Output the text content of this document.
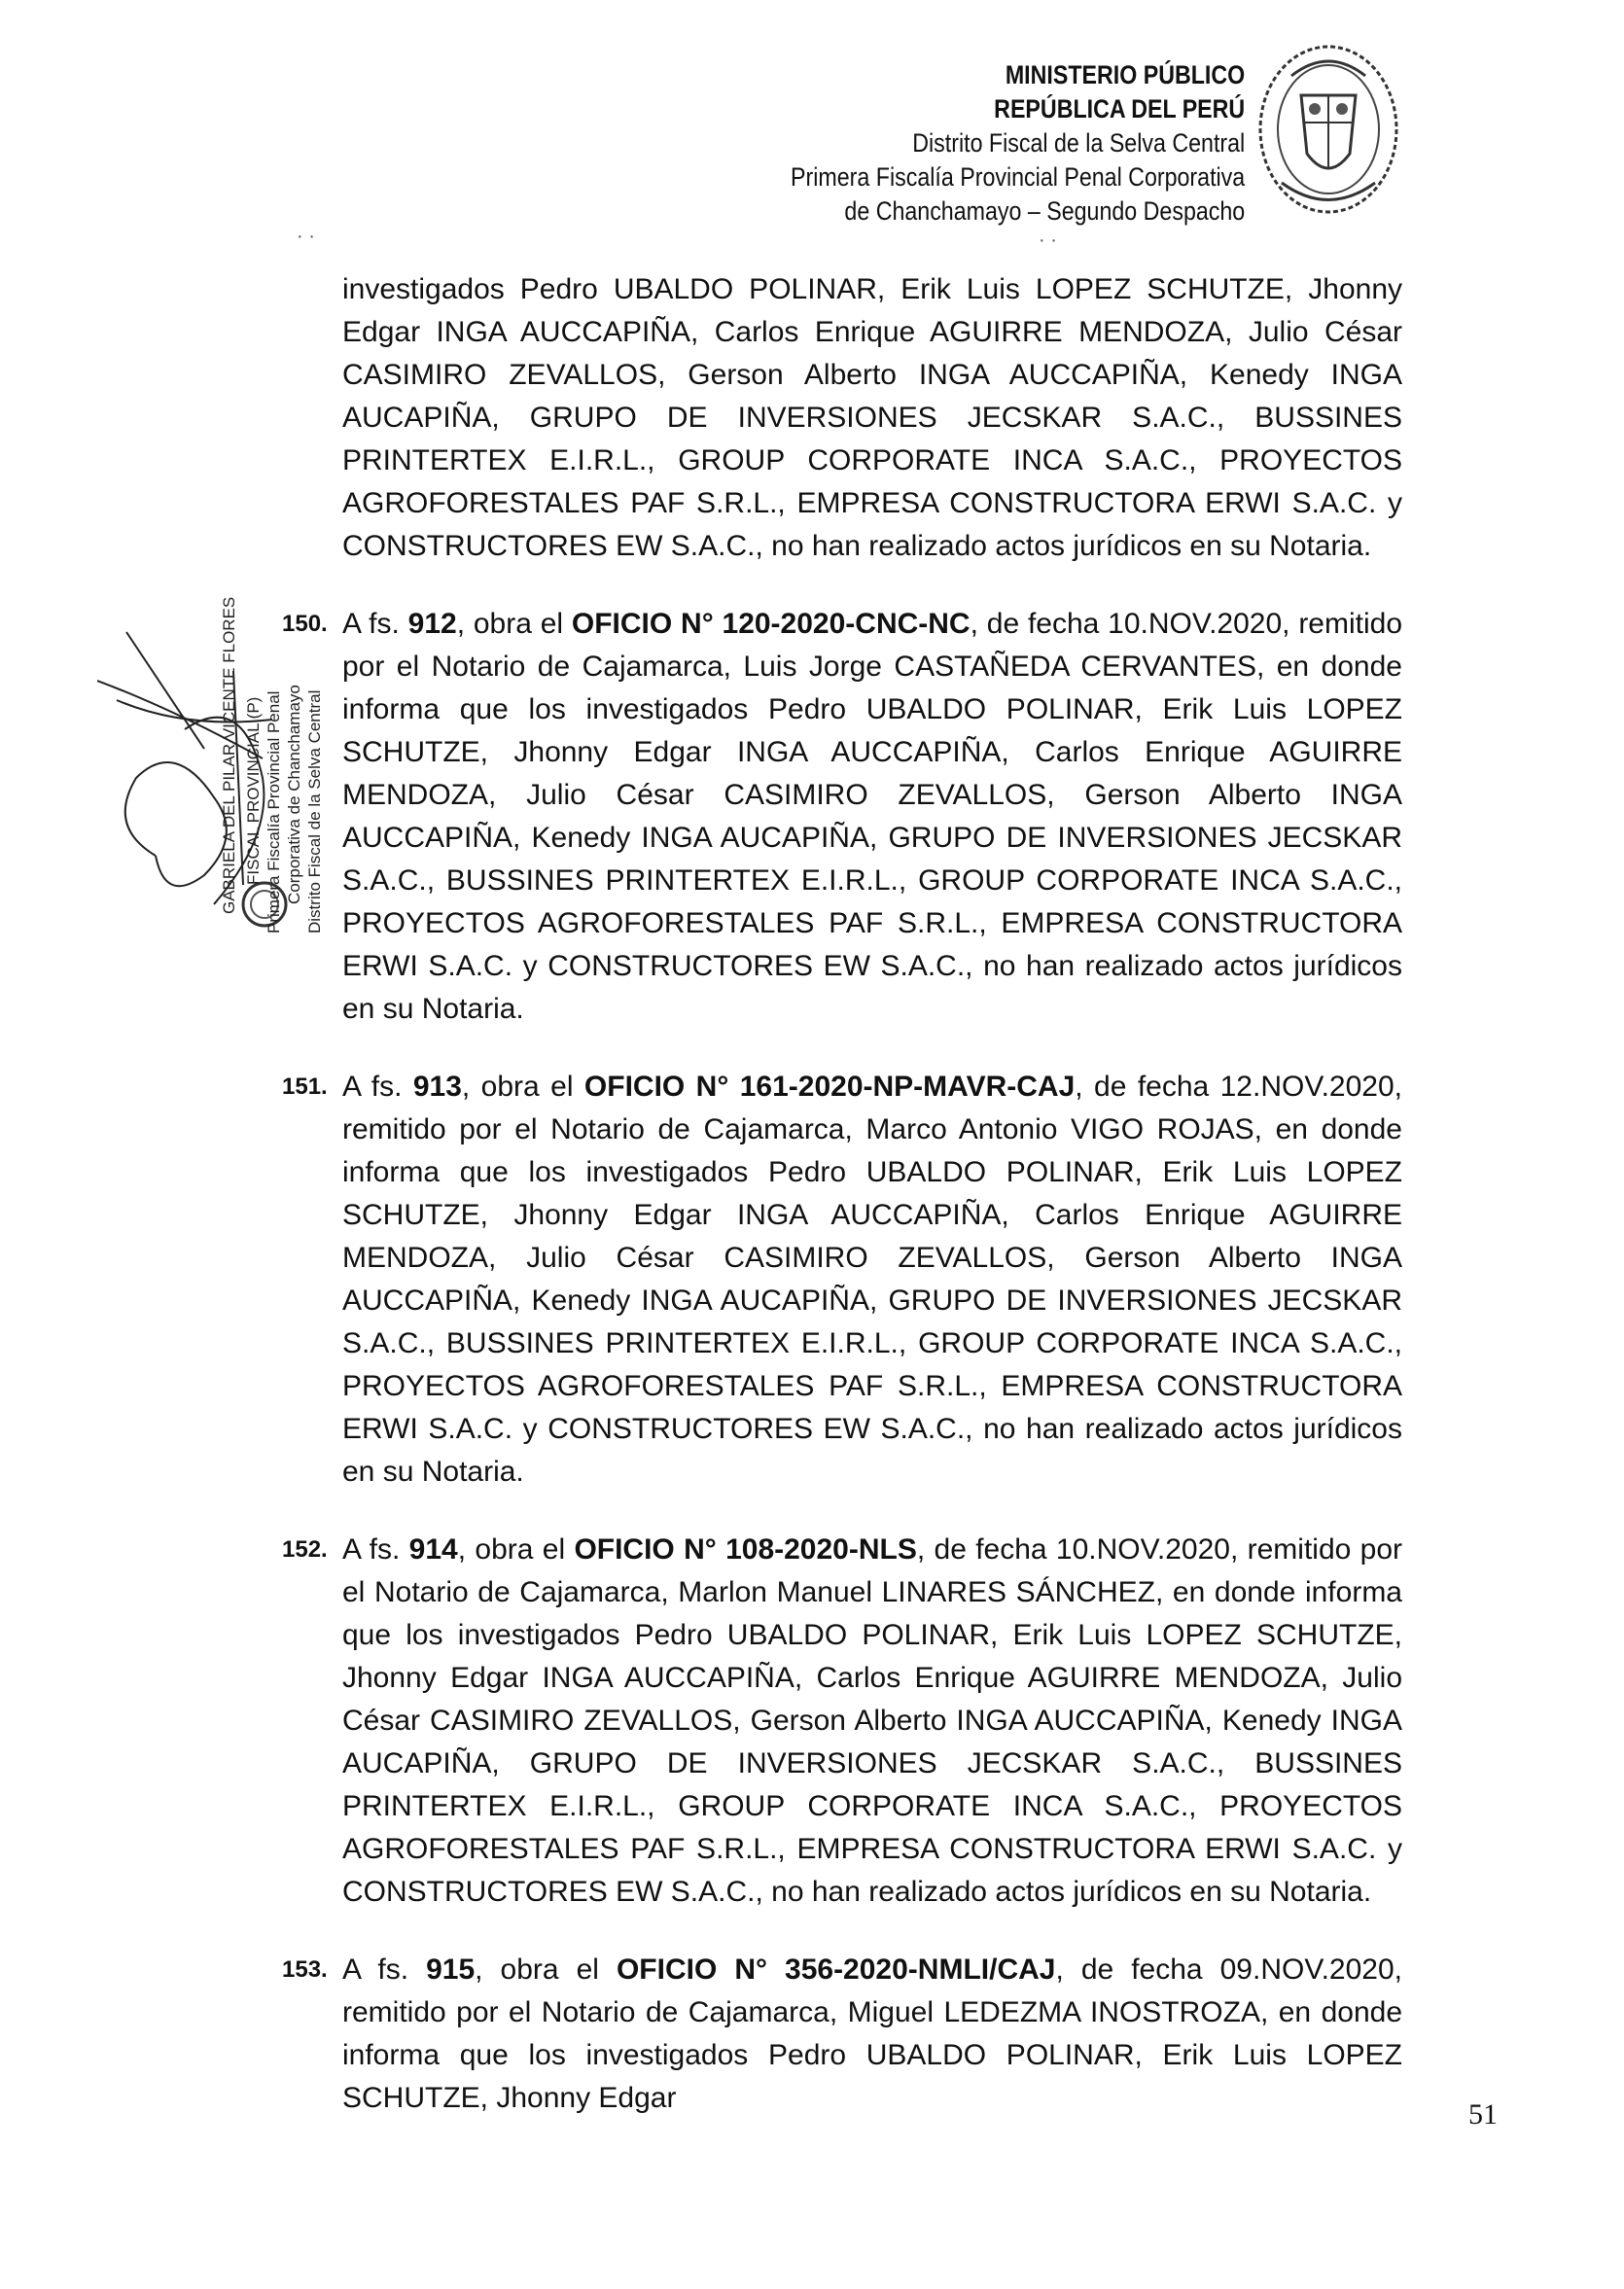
MINISTERIO PÚBLICO
REPÚBLICA DEL PERÚ
Distrito Fiscal de la Selva Central
Primera Fiscalía Provincial Penal Corporativa
de Chanchamayo – Segundo Despacho
· ·	· ·
GABRIELA DEL PILAR VICENTE FLORES FISCAL PROVINCIAL (P) Primera Fiscalía Provincial Penal Corporativa de Chanchamayo Distrito Fiscal de la Selva Central

investigados Pedro UBALDO POLINAR, Erik Luis LOPEZ SCHUTZE, Jhonny Edgar INGA AUCCAPIÑA, Carlos Enrique AGUIRRE MENDOZA, Julio César CASIMIRO ZEVALLOS, Gerson Alberto INGA AUCCAPIÑA, Kenedy INGA AUCAPIÑA, GRUPO DE INVERSIONES JECSKAR S.A.C., BUSSINES PRINTERTEX E.I.R.L., GROUP CORPORATE INCA S.A.C., PROYECTOS AGROFORESTALES PAF S.R.L., EMPRESA CONSTRUCTORA ERWI S.A.C. y CONSTRUCTORES EW S.A.C., no han realizado actos jurídicos en su Notaria.

150. A fs. 912, obra el OFICIO N° 120-2020-CNC-NC, de fecha 10.NOV.2020, remitido por el Notario de Cajamarca, Luis Jorge CASTAÑEDA CERVANTES, en donde informa que los investigados Pedro UBALDO POLINAR, Erik Luis LOPEZ SCHUTZE, Jhonny Edgar INGA AUCCAPIÑA, Carlos Enrique AGUIRRE MENDOZA, Julio César CASIMIRO ZEVALLOS, Gerson Alberto INGA AUCCAPIÑA, Kenedy INGA AUCAPIÑA, GRUPO DE INVERSIONES JECSKAR S.A.C., BUSSINES PRINTERTEX E.I.R.L., GROUP CORPORATE INCA S.A.C., PROYECTOS AGROFORESTALES PAF S.R.L., EMPRESA CONSTRUCTORA ERWI S.A.C. y CONSTRUCTORES EW S.A.C., no han realizado actos jurídicos en su Notaria.

151. A fs. 913, obra el OFICIO N° 161-2020-NP-MAVR-CAJ, de fecha 12.NOV.2020, remitido por el Notario de Cajamarca, Marco Antonio VIGO ROJAS, en donde informa que los investigados Pedro UBALDO POLINAR, Erik Luis LOPEZ SCHUTZE, Jhonny Edgar INGA AUCCAPIÑA, Carlos Enrique AGUIRRE MENDOZA, Julio César CASIMIRO ZEVALLOS, Gerson Alberto INGA AUCCAPIÑA, Kenedy INGA AUCAPIÑA, GRUPO DE INVERSIONES JECSKAR S.A.C., BUSSINES PRINTERTEX E.I.R.L., GROUP CORPORATE INCA S.A.C., PROYECTOS AGROFORESTALES PAF S.R.L., EMPRESA CONSTRUCTORA ERWI S.A.C. y CONSTRUCTORES EW S.A.C., no han realizado actos jurídicos en su Notaria.

152. A fs. 914, obra el OFICIO N° 108-2020-NLS, de fecha 10.NOV.2020, remitido por el Notario de Cajamarca, Marlon Manuel LINARES SÁNCHEZ, en donde informa que los investigados Pedro UBALDO POLINAR, Erik Luis LOPEZ SCHUTZE, Jhonny Edgar INGA AUCCAPIÑA, Carlos Enrique AGUIRRE MENDOZA, Julio César CASIMIRO ZEVALLOS, Gerson Alberto INGA AUCCAPIÑA, Kenedy INGA AUCAPIÑA, GRUPO DE INVERSIONES JECSKAR S.A.C., BUSSINES PRINTERTEX E.I.R.L., GROUP CORPORATE INCA S.A.C., PROYECTOS AGROFORESTALES PAF S.R.L., EMPRESA CONSTRUCTORA ERWI S.A.C. y CONSTRUCTORES EW S.A.C., no han realizado actos jurídicos en su Notaria.

153. A fs. 915, obra el OFICIO N° 356-2020-NMLI/CAJ, de fecha 09.NOV.2020, remitido por el Notario de Cajamarca, Miguel LEDEZMA INOSTROZA, en donde informa que los investigados Pedro UBALDO POLINAR, Erik Luis LOPEZ SCHUTZE, Jhonny Edgar

51
